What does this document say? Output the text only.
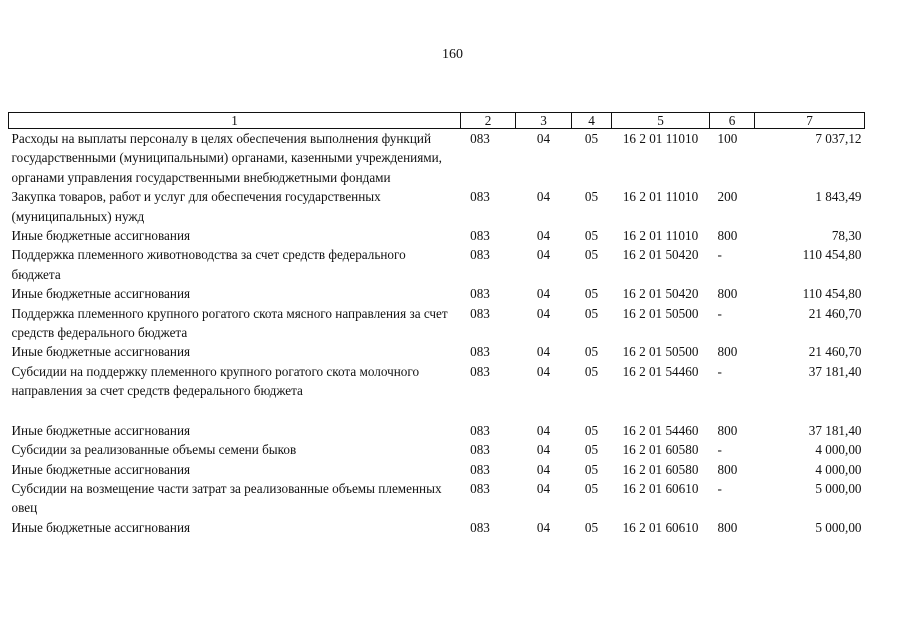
160
1	2	3	4	5	6	7
Расходы на выплаты персоналу в целях обеспечения выполнения функций государственными (муниципальными) органами, казенными учреждениями, органами управления государственными внебюджетными фондами	083	04	05	16 2 01 11010	100	7 037,12
Закупка товаров, работ и услуг для обеспечения государственных (муниципальных) нужд	083	04	05	16 2 01 11010	200	1 843,49
Иные бюджетные ассигнования	083	04	05	16 2 01 11010	800	78,30
Поддержка племенного животноводства за счет средств федерального бюджета	083	04	05	16 2 01 50420	-	110 454,80
Иные бюджетные ассигнования	083	04	05	16 2 01 50420	800	110 454,80
Поддержка племенного крупного рогатого скота мясного направления за счет средств федерального бюджета	083	04	05	16 2 01 50500	-	21 460,70
Иные бюджетные ассигнования	083	04	05	16 2 01 50500	800	21 460,70
Субсидии на поддержку племенного крупного рогатого скота молочного направления за счет средств федерального бюджета	083	04	05	16 2 01 54460	-	37 181,40
Иные бюджетные ассигнования	083	04	05	16 2 01 54460	800	37 181,40
Субсидии за реализованные объемы семени быков	083	04	05	16 2 01 60580	-	4 000,00
Иные бюджетные ассигнования	083	04	05	16 2 01 60580	800	4 000,00
Субсидии на возмещение части затрат за реализованные объемы племенных овец	083	04	05	16 2 01 60610	-	5 000,00
Иные бюджетные ассигнования	083	04	05	16 2 01 60610	800	5 000,00
